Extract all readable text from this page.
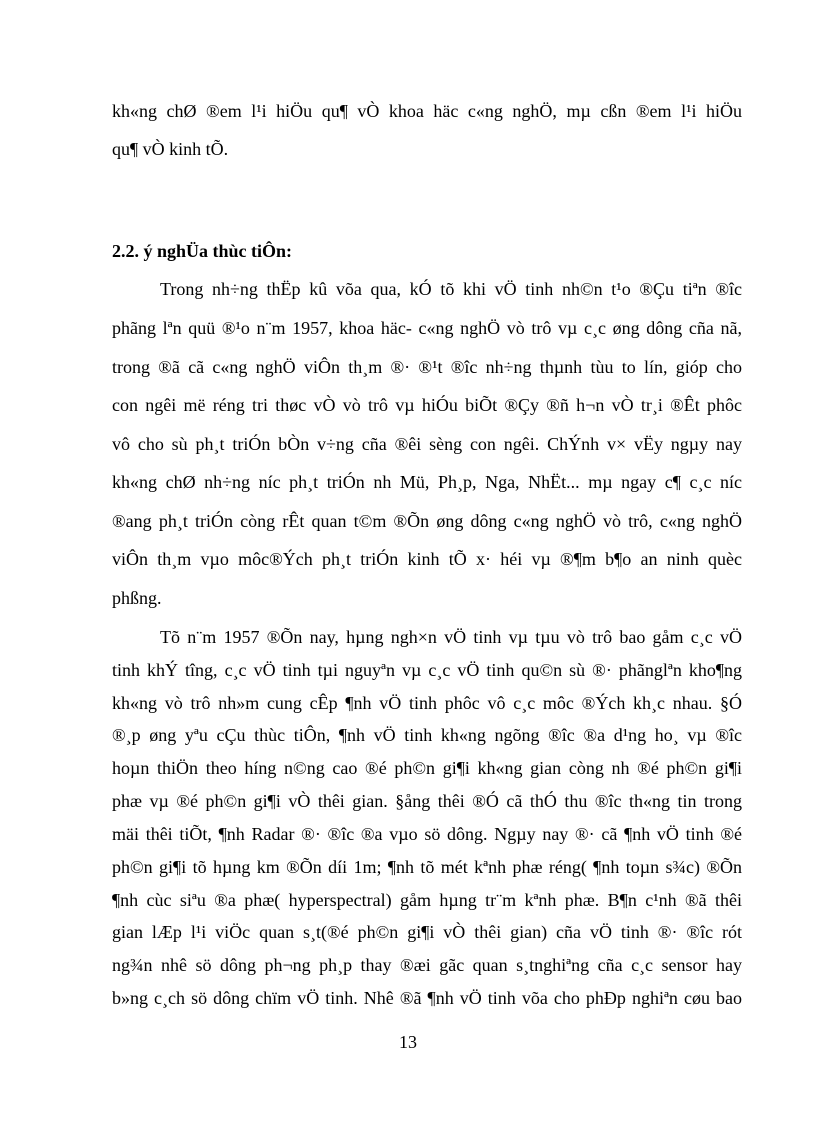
kh«ng chØ ®em l¹i hiÖu qu¶ vÒ khoa häc c«ng nghÖ, mµ cßn ®em l¹i hiÖu
qu¶ vÒ kinh tÕ.
2.2. ý nghÜa thùc tiÔn:
Trong nh÷ng thËp kû võa qua, kÓ tõ khi vÖ tinh nh©n t¹o ®Çu tiªn ®îc
phãng lªn quü ®¹o n¨m 1957, khoa häc- c«ng nghÖ vò trô vµ c¸c øng dông cña nã,
trong ®ã cã c«ng nghÖ viÔn th¸m ®· ®¹t ®îc nh÷ng thµnh tùu to lín, gióp cho
con ngêi më réng tri thøc vÒ vò trô vµ hiÓu biÕt ®Çy ®ñ h¬n vÒ tr¸i ®Êt phôc
vô cho sù ph¸t triÓn bÒn v÷ng cña ®êi sèng con ngêi. ChÝnh v× vËy ngµy nay
kh«ng chØ nh÷ng níc ph¸t triÓn nh Mü, Ph¸p, Nga, NhËt... mµ ngay c¶ c¸c níc
®ang ph¸t triÓn còng rÊt quan t©m ®Õn øng dông c«ng nghÖ vò trô, c«ng nghÖ
viÔn th¸m vµo môc®Ých ph¸t triÓn kinh tÕ x· héi vµ ®¶m b¶o an ninh quèc
phßng.
Tõ n¨m 1957 ®Õn nay, hµng ngh×n vÖ tinh vµ tµu vò trô bao gåm c¸c vÖ
tinh khÝ tîng, c¸c vÖ tinh tµi nguyªn vµ c¸c vÖ tinh qu©n sù ®· phãnglªn kho¶ng
kh«ng vò trô nh»m cung cÊp ¶nh vÖ tinh phôc vô c¸c môc ®Ých kh¸c nhau. §Ó
®¸p øng yªu cÇu thùc tiÔn, ¶nh vÖ tinh kh«ng ngõng ®îc ®a d¹ng ho¸ vµ ®îc
hoµn thiÖn theo híng n©ng cao ®é ph©n gi¶i kh«ng gian còng nh ®é ph©n gi¶i
phæ vµ ®é ph©n gi¶i vÒ thêi gian. §ång thêi ®Ó cã thÓ thu ®îc th«ng tin trong
mäi thêi tiÕt, ¶nh Radar ®· ®îc ®a vµo sö dông. Ngµy nay ®· cã ¶nh vÖ tinh ®é
ph©n gi¶i tõ hµng km ®Õn díi 1m; ¶nh tõ mét kªnh phæ réng( ¶nh toµn s¾c) ®Õn
¶nh cùc siªu ®a phæ( hyperspectral) gåm hµng tr¨m kªnh phæ. B¶n c¹nh ®ã thêi
gian lÆp l¹i viÖc quan s¸t(®é ph©n gi¶i vÒ thêi gian) cña vÖ tinh ®· ®îc rót
ng¾n nhê sö dông ph¬ng ph¸p thay ®æi gãc quan s¸tnghiªng cña c¸c sensor hay
b»ng c¸ch sö dông chïm vÖ tinh. Nhê ®ã ¶nh vÖ tinh võa cho phÐp nghiªn cøu bao
13
